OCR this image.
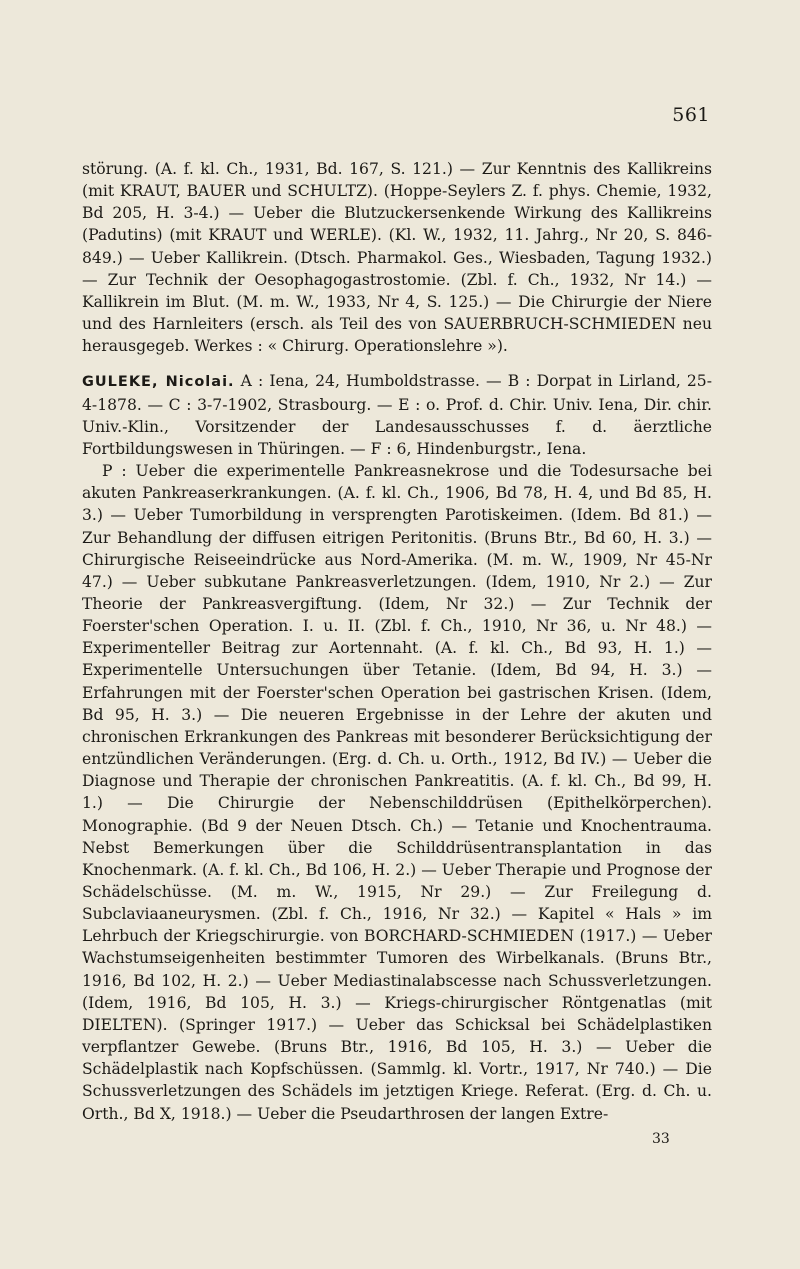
561

störung. (A. f. kl. Ch., 1931, Bd. 167, S. 121.) — Zur Kenntnis des Kallikreins (mit KRAUT, BAUER und SCHULTZ). (Hoppe-Seylers Z. f. phys. Chemie, 1932, Bd 205, H. 3-4.) — Ueber die Blutzuckersenkende Wirkung des Kallikreins (Padutins) (mit KRAUT und WERLE). (Kl. W., 1932, 11. Jahrg., Nr 20, S. 846-849.) — Ueber Kallikrein. (Dtsch. Pharmakol. Ges., Wiesbaden, Tagung 1932.) — Zur Technik der Oesophagogastrostomie. (Zbl. f. Ch., 1932, Nr 14.) — Kallikrein im Blut. (M. m. W., 1933, Nr 4, S. 125.) — Die Chirurgie der Niere und des Harnleiters (ersch. als Teil des von SAUERBRUCH-SCHMIEDEN neu herausgegeb. Werkes : « Chirurg. Operationslehre »).

GULEKE, Nicolai. A : Iena, 24, Humboldstrasse. — B : Dorpat in Lirland, 25-4-1878. — C : 3-7-1902, Strasbourg. — E : o. Prof. d. Chir. Univ. Iena, Dir. chir. Univ.-Klin., Vorsitzender der Landesausschusses f. d. äerztliche Fortbildungswesen in Thüringen. — F : 6, Hindenburgstr., Iena.

P : Ueber die experimentelle Pankreasnekrose und die Todesursache bei akuten Pankreaserkrankungen. (A. f. kl. Ch., 1906, Bd 78, H. 4, und Bd 85, H. 3.) — Ueber Tumorbildung in versprengten Parotiskeimen. (Idem. Bd 81.) — Zur Behandlung der diffusen eitrigen Peritonitis. (Bruns Btr., Bd 60, H. 3.) — Chirurgische Reiseeindrücke aus Nord-Amerika. (M. m. W., 1909, Nr 45-Nr 47.) — Ueber subkutane Pankreasverletzungen. (Idem, 1910, Nr 2.) — Zur Theorie der Pankreasvergiftung. (Idem, Nr 32.) — Zur Technik der Foerster'schen Operation. I. u. II. (Zbl. f. Ch., 1910, Nr 36, u. Nr 48.) — Experimenteller Beitrag zur Aortennaht. (A. f. kl. Ch., Bd 93, H. 1.) — Experimentelle Untersuchungen über Tetanie. (Idem, Bd 94, H. 3.) — Erfahrungen mit der Foerster'schen Operation bei gastrischen Krisen. (Idem, Bd 95, H. 3.) — Die neueren Ergebnisse in der Lehre der akuten und chronischen Erkrankungen des Pankreas mit besonderer Berücksichtigung der entzündlichen Veränderungen. (Erg. d. Ch. u. Orth., 1912, Bd IV.) — Ueber die Diagnose und Therapie der chronischen Pankreatitis. (A. f. kl. Ch., Bd 99, H. 1.) — Die Chirurgie der Nebenschilddrüsen (Epithelkörperchen). Monographie. (Bd 9 der Neuen Dtsch. Ch.) — Tetanie und Knochentrauma. Nebst Bemerkungen über die Schilddrüsentransplantation in das Knochenmark. (A. f. kl. Ch., Bd 106, H. 2.) — Ueber Therapie und Prognose der Schädelschüsse. (M. m. W., 1915, Nr 29.) — Zur Freilegung d. Subclaviaaneurysmen. (Zbl. f. Ch., 1916, Nr 32.) — Kapitel « Hals » im Lehrbuch der Kriegschirurgie. von BORCHARD-SCHMIEDEN (1917.) — Ueber Wachstumseigenheiten bestimmter Tumoren des Wirbelkanals. (Bruns Btr., 1916, Bd 102, H. 2.) — Ueber Mediastinalabscesse nach Schussverletzungen. (Idem, 1916, Bd 105, H. 3.) — Kriegs-chirurgischer Röntgenatlas (mit DIELTEN). (Springer 1917.) — Ueber das Schicksal bei Schädelplastiken verpflantzer Gewebe. (Bruns Btr., 1916, Bd 105, H. 3.) — Ueber die Schädelplastik nach Kopfschüssen. (Sammlg. kl. Vortr., 1917, Nr 740.) — Die Schussverletzungen des Schädels im jetztigen Kriege. Referat. (Erg. d. Ch. u. Orth., Bd X, 1918.) — Ueber die Pseudarthrosen der langen Extre-

33
